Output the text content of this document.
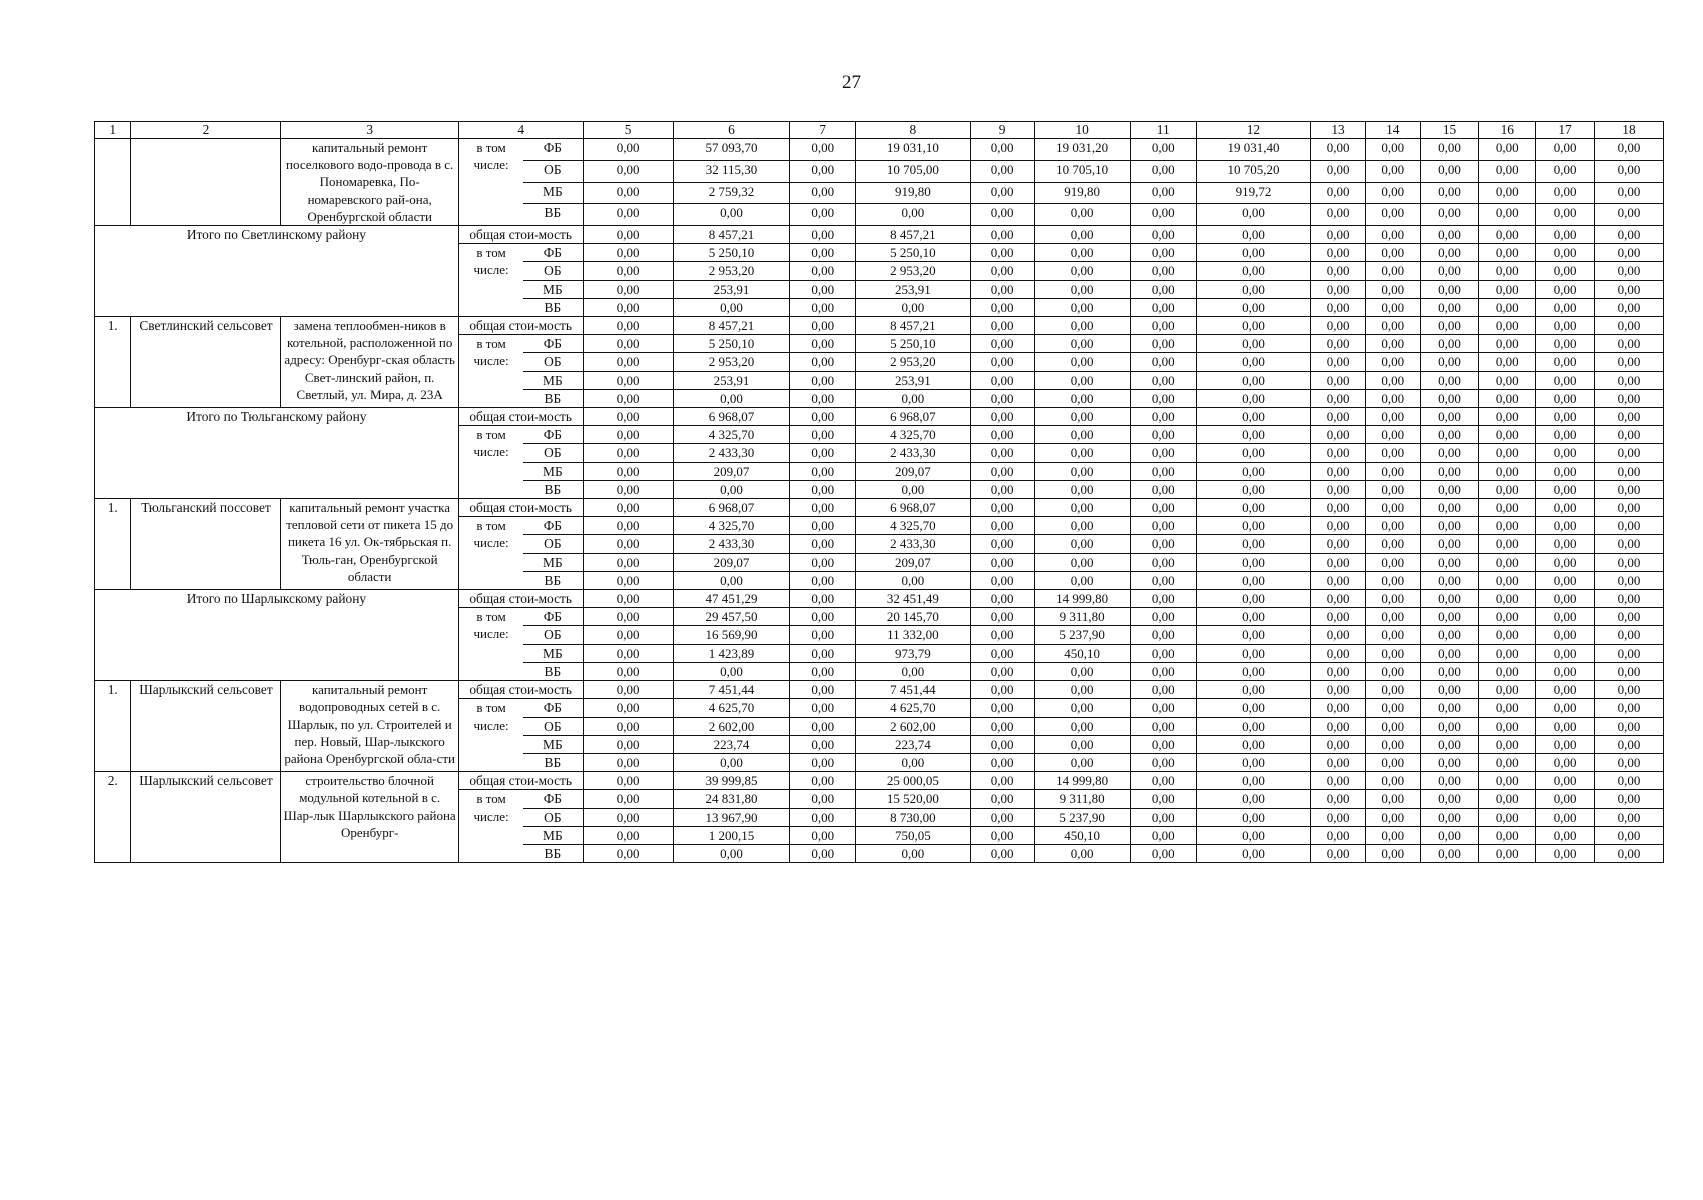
27
1	2	3	4		5	6	7	8	9	10	11	12	13	14	15	16	17	18
		капитальный ремонт поселкового водо-провода в с. Пономаревка, По-номаревского рай-она, Оренбургской области	в том числе:	ФБ	0,00	57 093,70	0,00	19 031,10	0,00	19 031,20	0,00	19 031,40	0,00	0,00	0,00	0,00	0,00	0,00
				ОБ	0,00	32 115,30	0,00	10 705,00	0,00	10 705,10	0,00	10 705,20	0,00	0,00	0,00	0,00	0,00	0,00
				МБ	0,00	2 759,32	0,00	919,80	0,00	919,80	0,00	919,72	0,00	0,00	0,00	0,00	0,00	0,00
				ВБ	0,00	0,00	0,00	0,00	0,00	0,00	0,00	0,00	0,00	0,00	0,00	0,00	0,00	0,00
Итого по Светлинскому району			общая стои-мость		0,00	8 457,21	0,00	8 457,21	0,00	0,00	0,00	0,00	0,00	0,00	0,00	0,00	0,00	0,00
			в том числе:	ФБ	0,00	5 250,10	0,00	5 250,10	0,00	0,00	0,00	0,00	0,00	0,00	0,00	0,00	0,00	0,00
				ОБ	0,00	2 953,20	0,00	2 953,20	0,00	0,00	0,00	0,00	0,00	0,00	0,00	0,00	0,00	0,00
				МБ	0,00	253,91	0,00	253,91	0,00	0,00	0,00	0,00	0,00	0,00	0,00	0,00	0,00	0,00
				ВБ	0,00	0,00	0,00	0,00	0,00	0,00	0,00	0,00	0,00	0,00	0,00	0,00	0,00	0,00
1.	Светлинский сельсовет	замена теплообмен-ников в котельной, расположенной по адресу: Оренбург-ская область Свет-линский район, п. Светлый, ул. Мира, д. 23А	общая стои-мость		0,00	8 457,21	0,00	8 457,21	0,00	0,00	0,00	0,00	0,00	0,00	0,00	0,00	0,00	0,00
			в том числе:	ФБ	0,00	5 250,10	0,00	5 250,10	0,00	0,00	0,00	0,00	0,00	0,00	0,00	0,00	0,00	0,00
				ОБ	0,00	2 953,20	0,00	2 953,20	0,00	0,00	0,00	0,00	0,00	0,00	0,00	0,00	0,00	0,00
				МБ	0,00	253,91	0,00	253,91	0,00	0,00	0,00	0,00	0,00	0,00	0,00	0,00	0,00	0,00
				ВБ	0,00	0,00	0,00	0,00	0,00	0,00	0,00	0,00	0,00	0,00	0,00	0,00	0,00	0,00
Итого по Тюльганскому району			общая стои-мость		0,00	6 968,07	0,00	6 968,07	0,00	0,00	0,00	0,00	0,00	0,00	0,00	0,00	0,00	0,00
			в том числе:	ФБ	0,00	4 325,70	0,00	4 325,70	0,00	0,00	0,00	0,00	0,00	0,00	0,00	0,00	0,00	0,00
				ОБ	0,00	2 433,30	0,00	2 433,30	0,00	0,00	0,00	0,00	0,00	0,00	0,00	0,00	0,00	0,00
				МБ	0,00	209,07	0,00	209,07	0,00	0,00	0,00	0,00	0,00	0,00	0,00	0,00	0,00	0,00
				ВБ	0,00	0,00	0,00	0,00	0,00	0,00	0,00	0,00	0,00	0,00	0,00	0,00	0,00	0,00
1.	Тюльганский поссовет	капитальный ремонт участка тепловой сети от пикета 15 до пикета 16 ул. Ок-тябрьская п. Тюль-ган, Оренбургской области	общая стои-мость		0,00	6 968,07	0,00	6 968,07	0,00	0,00	0,00	0,00	0,00	0,00	0,00	0,00	0,00	0,00
			в том числе:	ФБ	0,00	4 325,70	0,00	4 325,70	0,00	0,00	0,00	0,00	0,00	0,00	0,00	0,00	0,00	0,00
				ОБ	0,00	2 433,30	0,00	2 433,30	0,00	0,00	0,00	0,00	0,00	0,00	0,00	0,00	0,00	0,00
				МБ	0,00	209,07	0,00	209,07	0,00	0,00	0,00	0,00	0,00	0,00	0,00	0,00	0,00	0,00
				ВБ	0,00	0,00	0,00	0,00	0,00	0,00	0,00	0,00	0,00	0,00	0,00	0,00	0,00	0,00
Итого по Шарлыкскому району			общая стои-мость		0,00	47 451,29	0,00	32 451,49	0,00	14 999,80	0,00	0,00	0,00	0,00	0,00	0,00	0,00	0,00
			в том числе:	ФБ	0,00	29 457,50	0,00	20 145,70	0,00	9 311,80	0,00	0,00	0,00	0,00	0,00	0,00	0,00	0,00
				ОБ	0,00	16 569,90	0,00	11 332,00	0,00	5 237,90	0,00	0,00	0,00	0,00	0,00	0,00	0,00	0,00
				МБ	0,00	1 423,89	0,00	973,79	0,00	450,10	0,00	0,00	0,00	0,00	0,00	0,00	0,00	0,00
				ВБ	0,00	0,00	0,00	0,00	0,00	0,00	0,00	0,00	0,00	0,00	0,00	0,00	0,00	0,00
1.	Шарлыкский сельсовет	капитальный ремонт водопроводных сетей в с. Шарлык, по ул. Строителей и пер. Новый, Шар-лыкского района Оренбургской обла-сти	общая стои-мость		0,00	7 451,44	0,00	7 451,44	0,00	0,00	0,00	0,00	0,00	0,00	0,00	0,00	0,00	0,00
			в том числе:	ФБ	0,00	4 625,70	0,00	4 625,70	0,00	0,00	0,00	0,00	0,00	0,00	0,00	0,00	0,00	0,00
				ОБ	0,00	2 602,00	0,00	2 602,00	0,00	0,00	0,00	0,00	0,00	0,00	0,00	0,00	0,00	0,00
				МБ	0,00	223,74	0,00	223,74	0,00	0,00	0,00	0,00	0,00	0,00	0,00	0,00	0,00	0,00
				ВБ	0,00	0,00	0,00	0,00	0,00	0,00	0,00	0,00	0,00	0,00	0,00	0,00	0,00	0,00
2.	Шарлыкский сельсовет	строительство блочной модульной котельной в с. Шар-лык Шарлыкского района Оренбург-	общая стои-мость		0,00	39 999,85	0,00	25 000,05	0,00	14 999,80	0,00	0,00	0,00	0,00	0,00	0,00	0,00	0,00
			в том числе:	ФБ	0,00	24 831,80	0,00	15 520,00	0,00	9 311,80	0,00	0,00	0,00	0,00	0,00	0,00	0,00	0,00
				ОБ	0,00	13 967,90	0,00	8 730,00	0,00	5 237,90	0,00	0,00	0,00	0,00	0,00	0,00	0,00	0,00
				МБ	0,00	1 200,15	0,00	750,05	0,00	450,10	0,00	0,00	0,00	0,00	0,00	0,00	0,00	0,00
				ВБ	0,00	0,00	0,00	0,00	0,00	0,00	0,00	0,00	0,00	0,00	0,00	0,00	0,00	0,00
